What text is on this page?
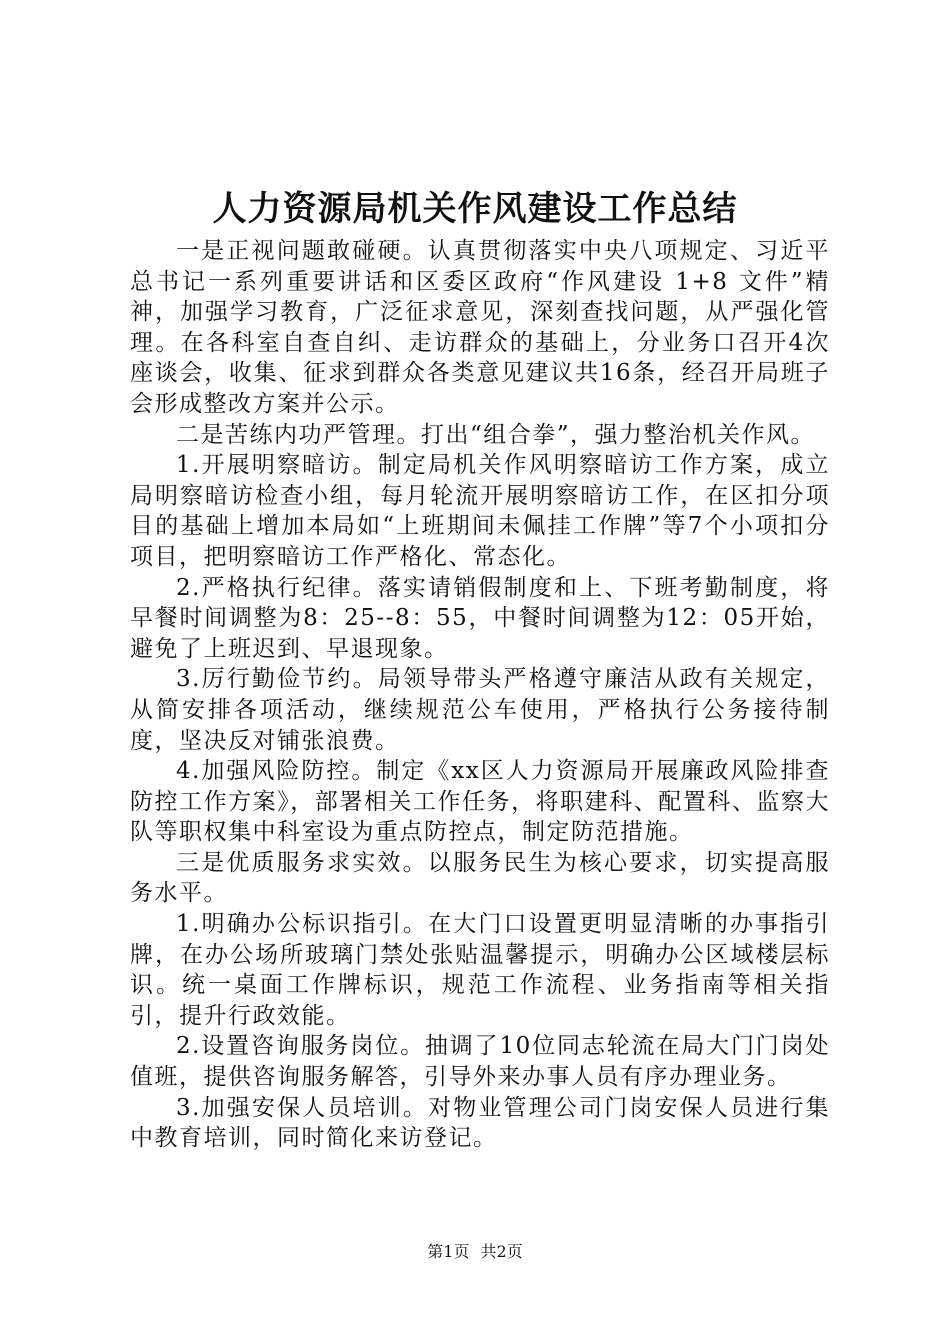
人力资源局机关作风建设工作总结

一是正视问题敢碰硬。认真贯彻落实中央八项规定、习近平总书记一系列重要讲话和区委区政府“作风建设 1+8 文件”精神，加强学习教育，广泛征求意见，深刻查找问题，从严强化管理。在各科室自查自纠、走访群众的基础上，分业务口召开4次座谈会，收集、征求到群众各类意见建议共16条，经召开局班子会形成整改方案并公示。

二是苦练内功严管理。打出“组合拳”，强力整治机关作风。

1.开展明察暗访。制定局机关作风明察暗访工作方案，成立局明察暗访检查小组，每月轮流开展明察暗访工作，在区扣分项目的基础上增加本局如“上班期间未佩挂工作牌”等7个小项扣分项目，把明察暗访工作严格化、常态化。

2.严格执行纪律。落实请销假制度和上、下班考勤制度，将早餐时间调整为8：25--8：55，中餐时间调整为12：05开始，避免了上班迟到、早退现象。

3.厉行勤俭节约。局领导带头严格遵守廉洁从政有关规定，从简安排各项活动，继续规范公车使用，严格执行公务接待制度，坚决反对铺张浪费。

4.加强风险防控。制定《xx区人力资源局开展廉政风险排查防控工作方案》，部署相关工作任务，将职建科、配置科、监察大队等职权集中科室设为重点防控点，制定防范措施。

三是优质服务求实效。以服务民生为核心要求，切实提高服务水平。

1.明确办公标识指引。在大门口设置更明显清晰的办事指引牌，在办公场所玻璃门禁处张贴温馨提示，明确办公区域楼层标识。统一桌面工作牌标识，规范工作流程、业务指南等相关指引，提升行政效能。

2.设置咨询服务岗位。抽调了10位同志轮流在局大门门岗处值班，提供咨询服务解答，引导外来办事人员有序办理业务。

3.加强安保人员培训。对物业管理公司门岗安保人员进行集中教育培训，同时简化来访登记。

第1页 共2页
